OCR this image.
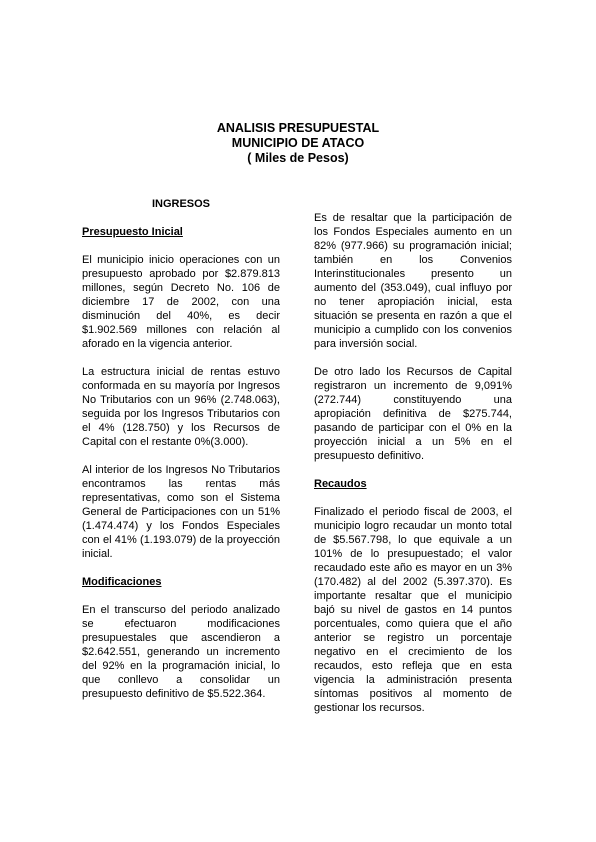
ANALISIS PRESUPUESTAL
MUNICIPIO DE ATACO
( Miles de Pesos)
INGRESOS
Presupuesto Inicial

El municipio inicio operaciones con un presupuesto aprobado por $2.879.813 millones, según Decreto No. 106 de diciembre 17 de 2002, con una disminución del 40%, es decir $1.902.569 millones con relación al aforado en la vigencia anterior.

La estructura inicial de rentas estuvo conformada en su mayoría por Ingresos No Tributarios con un 96% (2.748.063), seguida por los Ingresos Tributarios con el 4% (128.750) y los Recursos de Capital con el restante 0%(3.000).

Al interior de los Ingresos No Tributarios encontramos las rentas más representativas, como son el Sistema General de Participaciones con un 51% (1.474.474) y los Fondos Especiales con el 41% (1.193.079) de la proyección inicial.

Modificaciones

En el transcurso del periodo analizado se efectuaron modificaciones presupuestales que ascendieron a $2.642.551, generando un incremento del 92% en la programación inicial, lo que conllevo a consolidar un presupuesto definitivo de $5.522.364.

Es de resaltar que la participación de los Fondos Especiales aumento en un 82% (977.966) su programación inicial; también en los Convenios Interinstitucionales presento un aumento del (353.049), cual influyo por no tener apropiación inicial, esta situación se presenta en razón a que el municipio a cumplido con los convenios para inversión social.

De otro lado los Recursos de Capital registraron un incremento de 9,091% (272.744) constituyendo una apropiación definitiva de $275.744, pasando de participar con el 0% en la proyección inicial a un 5% en el presupuesto definitivo.

Recaudos

Finalizado el periodo fiscal de 2003, el municipio logro recaudar un monto total de $5.567.798, lo que equivale a un 101% de lo presupuestado; el valor recaudado este año es mayor en un 3% (170.482) al del 2002 (5.397.370). Es importante resaltar que el municipio bajó su nivel de gastos en 14 puntos porcentuales, como quiera que el año anterior se registro un porcentaje negativo en el crecimiento de los recaudos, esto refleja que en esta vigencia la administración presenta síntomas positivos al momento de gestionar los recursos.
